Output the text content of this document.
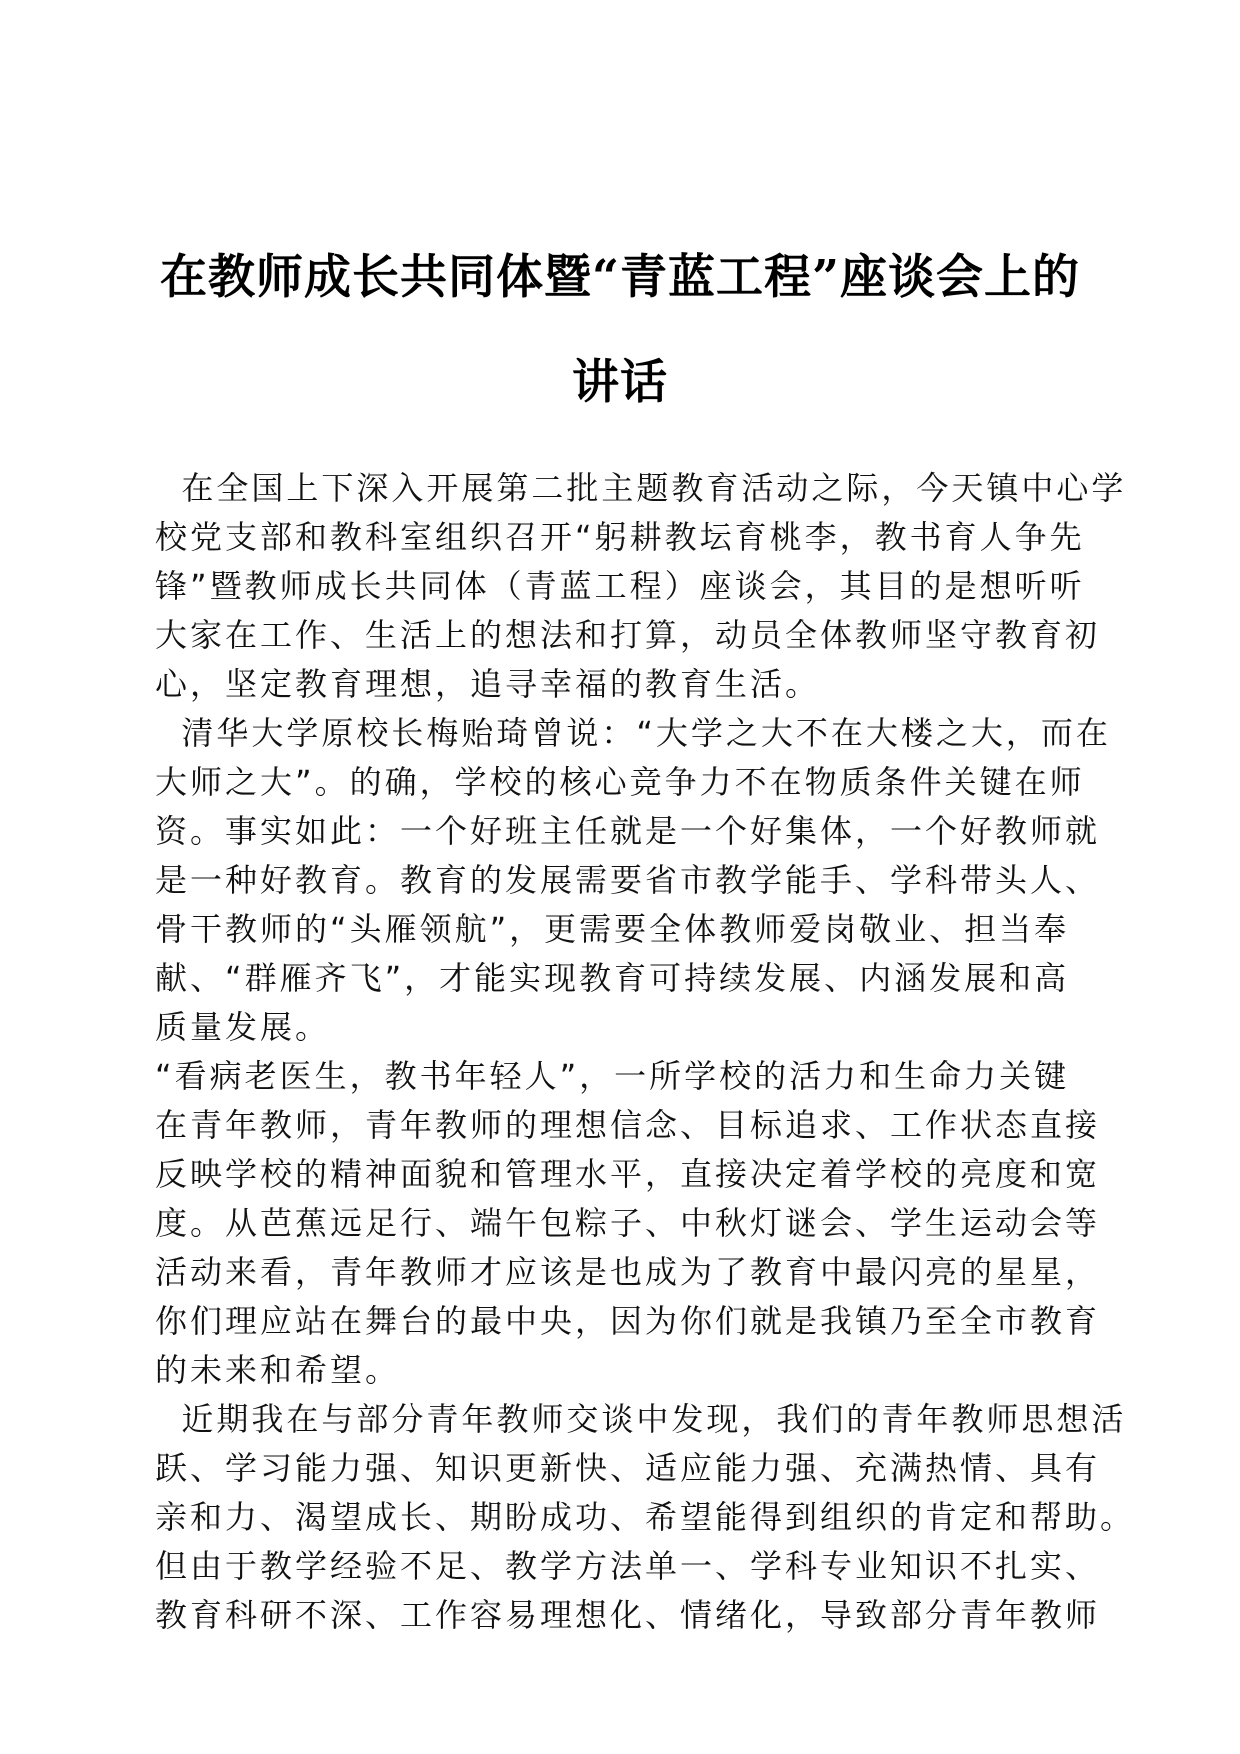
在教师成长共同体暨“青蓝工程”座谈会上的
讲话

在全国上下深入开展第二批主题教育活动之际，今天镇中心学
校党支部和教科室组织召开“躬耕教坛育桃李，教书育人争先
锋”暨教师成长共同体（青蓝工程）座谈会，其目的是想听听
大家在工作、生活上的想法和打算，动员全体教师坚守教育初
心，坚定教育理想，追寻幸福的教育生活。

清华大学原校长梅贻琦曾说：“大学之大不在大楼之大，而在
大师之大”。的确，学校的核心竞争力不在物质条件关键在师
资。事实如此：一个好班主任就是一个好集体，一个好教师就
是一种好教育。教育的发展需要省市教学能手、学科带头人、
骨干教师的“头雁领航”，更需要全体教师爱岗敬业、担当奉
献、“群雁齐飞”，才能实现教育可持续发展、内涵发展和高
质量发展。

“看病老医生，教书年轻人”，一所学校的活力和生命力关键
在青年教师，青年教师的理想信念、目标追求、工作状态直接
反映学校的精神面貌和管理水平，直接决定着学校的亮度和宽
度。从芭蕉远足行、端午包粽子、中秋灯谜会、学生运动会等
活动来看，青年教师才应该是也成为了教育中最闪亮的星星，
你们理应站在舞台的最中央，因为你们就是我镇乃至全市教育
的未来和希望。

近期我在与部分青年教师交谈中发现，我们的青年教师思想活
跃、学习能力强、知识更新快、适应能力强、充满热情、具有
亲和力、渴望成长、期盼成功、希望能得到组织的肯定和帮助。
但由于教学经验不足、教学方法单一、学科专业知识不扎实、
教育科研不深、工作容易理想化、情绪化，导致部分青年教师
